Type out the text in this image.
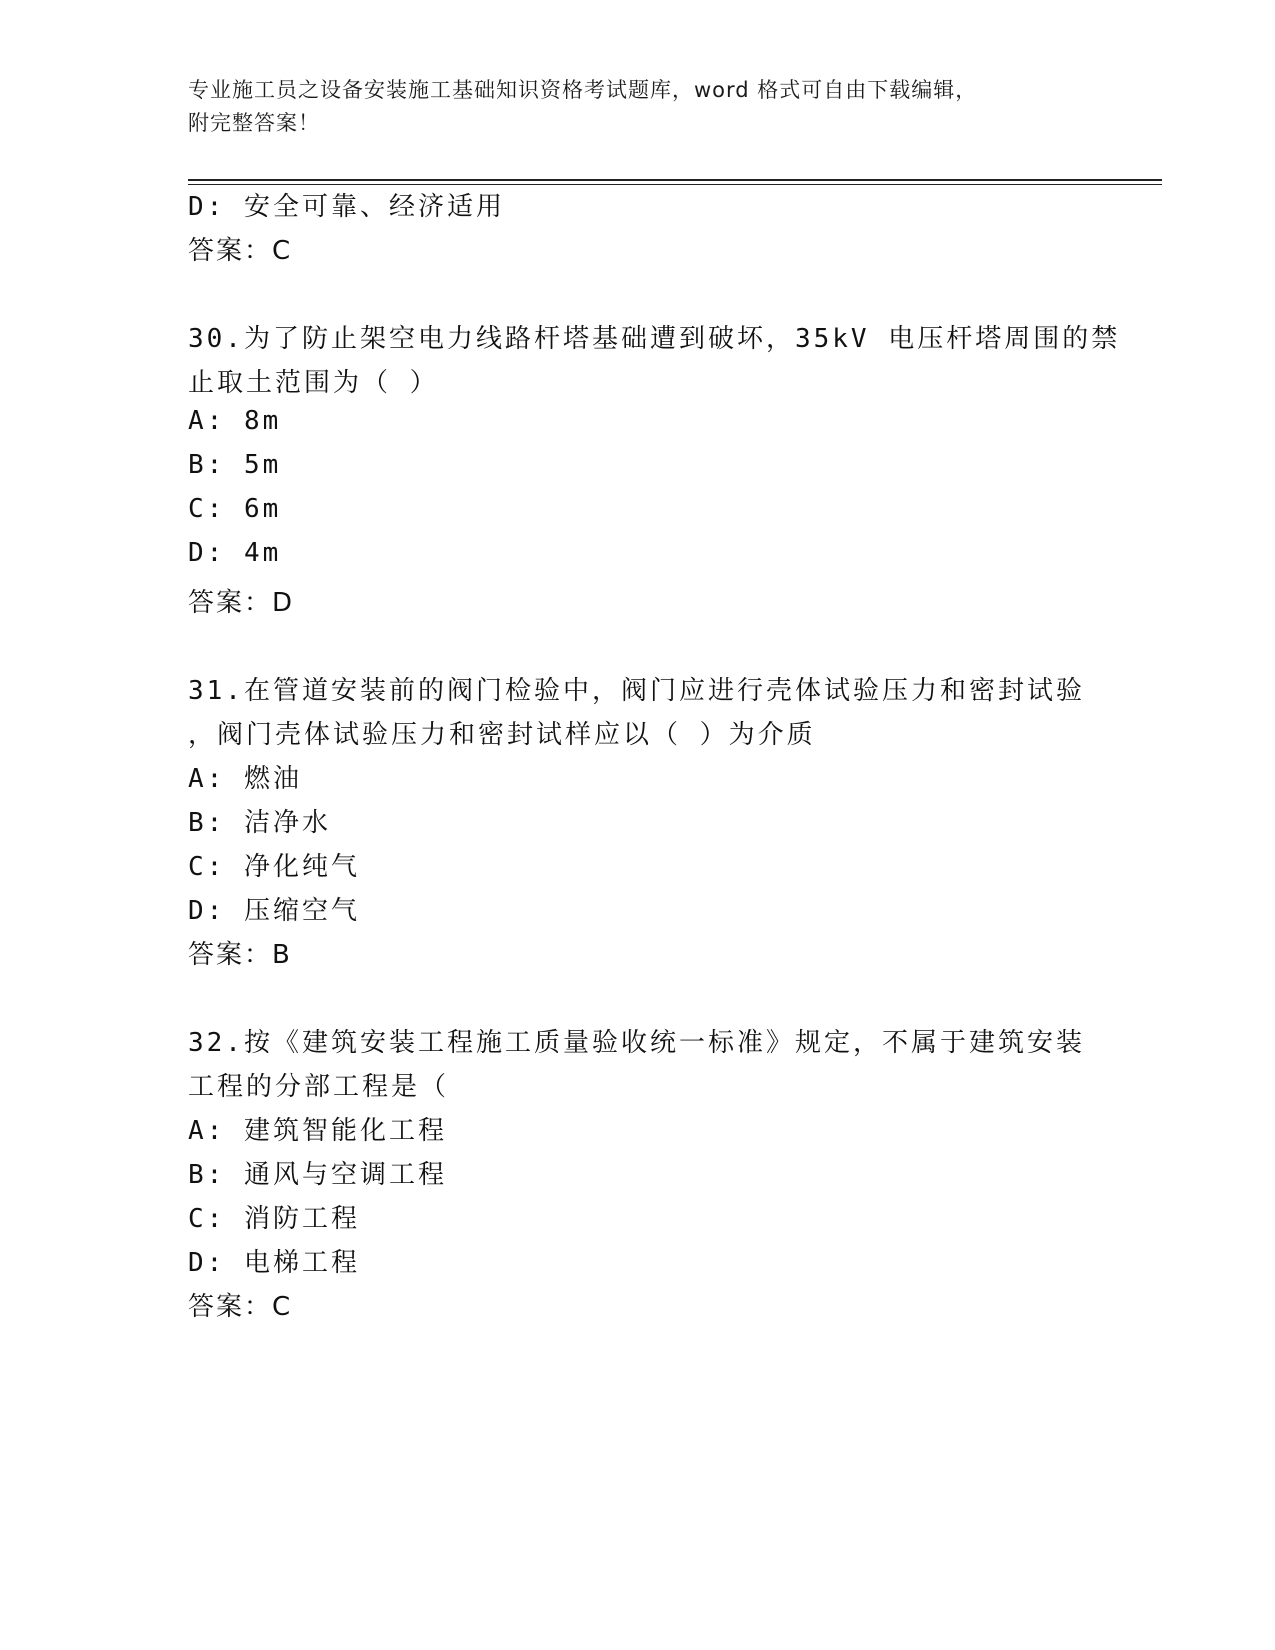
专业施工员之设备安装施工基础知识资格考试题库，word 格式可自由下载编辑，
附完整答案！
D: 安全可靠、经济适用
答案：C
30.为了防止架空电力线路杆塔基础遭到破坏，35kV 电压杆塔周围的禁
止取土范围为（ ）
A: 8m
B: 5m
C: 6m
D: 4m
答案：D
31.在管道安装前的阀门检验中，阀门应进行壳体试验压力和密封试验
，阀门壳体试验压力和密封试样应以（ ）为介质
A: 燃油
B: 洁净水
C: 净化纯气
D: 压缩空气
答案：B
32.按《建筑安装工程施工质量验收统一标准》规定，不属于建筑安装
工程的分部工程是（
A: 建筑智能化工程
B: 通风与空调工程
C: 消防工程
D: 电梯工程
答案：C
